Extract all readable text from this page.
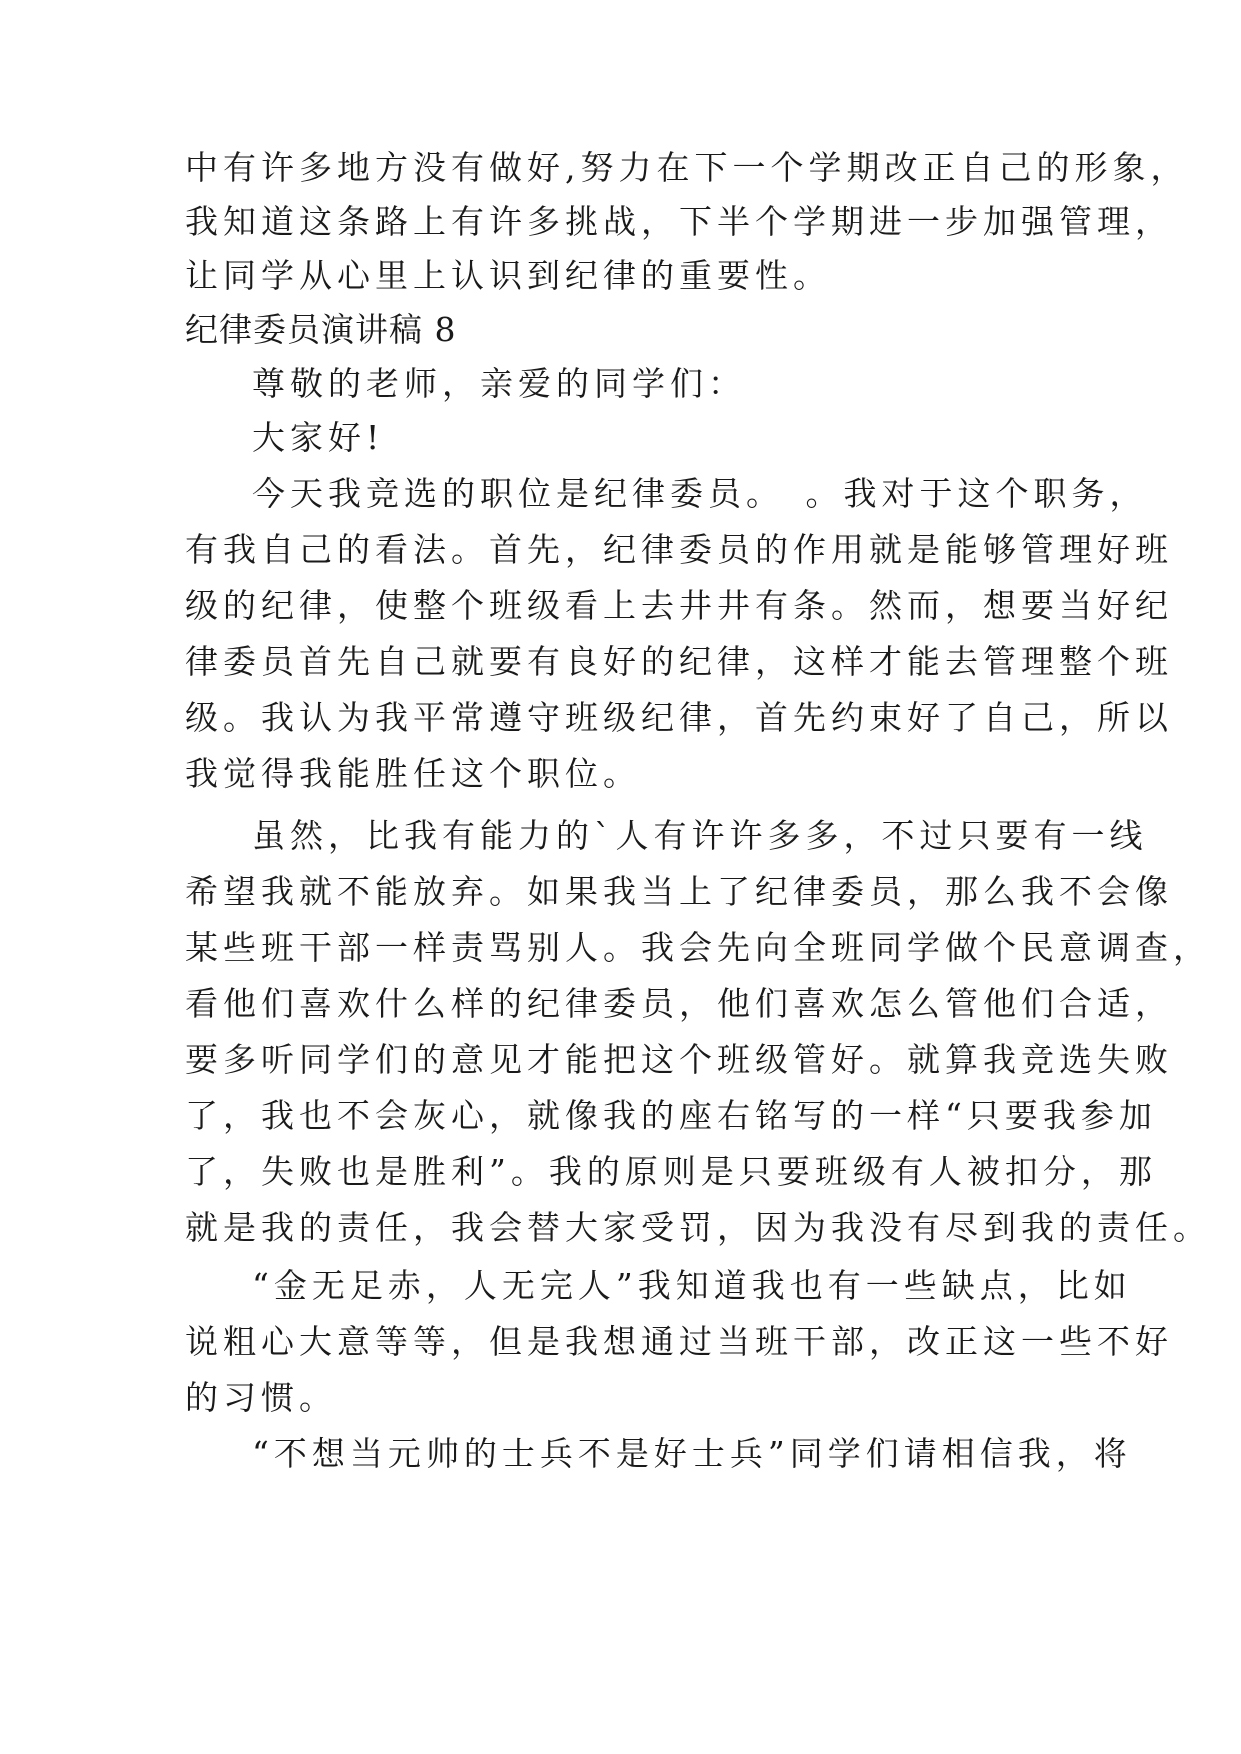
中有许多地方没有做好,努力在下一个学期改正自己的形象，
我知道这条路上有许多挑战，下半个学期进一步加强管理，
让同学从心里上认识到纪律的重要性。
纪律委员演讲稿 8
尊敬的老师，亲爱的同学们：
大家好!
今天我竞选的职位是纪律委员。　。我对于这个职务，
有我自己的看法。首先，纪律委员的作用就是能够管理好班
级的纪律，使整个班级看上去井井有条。然而，想要当好纪
律委员首先自己就要有良好的纪律，这样才能去管理整个班
级。我认为我平常遵守班级纪律，首先约束好了自己，所以
我觉得我能胜任这个职位。
虽然，比我有能力的`人有许许多多，不过只要有一线
希望我就不能放弃。如果我当上了纪律委员，那么我不会像
某些班干部一样责骂别人。我会先向全班同学做个民意调查，
看他们喜欢什么样的纪律委员，他们喜欢怎么管他们合适，
要多听同学们的意见才能把这个班级管好。就算我竞选失败
了，我也不会灰心，就像我的座右铭写的一样“只要我参加
了，失败也是胜利”。我的原则是只要班级有人被扣分，那
就是我的责任，我会替大家受罚，因为我没有尽到我的责任。
“金无足赤，人无完人”我知道我也有一些缺点，比如
说粗心大意等等，但是我想通过当班干部，改正这一些不好
的习惯。
“不想当元帅的士兵不是好士兵”同学们请相信我，将
